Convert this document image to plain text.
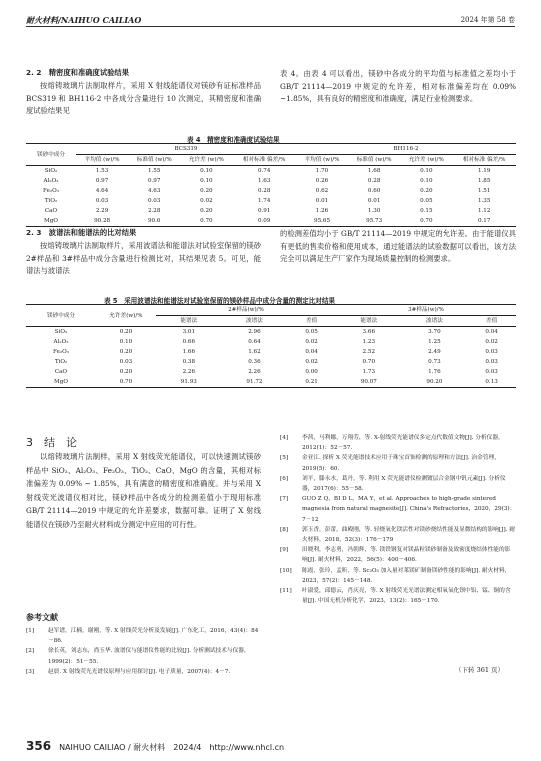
耐火材料/NAIHUO CAILIAO	2024 年第 58 卷
2. 2　精密度和准确度试验结果
按熔铸玻璃片法制取样片，采用 X 射线能谱仪对镁砂有证标准样品 BCS319 和 BH116-2 中各成分含量进行 10 次测定，其精密度和准确度试验结果见
表 4。由表 4 可以看出，镁砂中各成分的平均值与标准值之差均小于 GB/T 21114—2019 中规定的允许差，相对标准偏差均在 0.09% ~1.85%，具有良好的精密度和准确度，满足行业检测要求。
表 4　精密度和准确度试验结果
镁砂中成分	BCS319				BH116-2			
	平均值 (w)/%	标准值 (w)/%	允许差 (w)/%	相对标准 偏差/%	平均值 (w)/%	标准值 (w)/%	允许差 (w)/%	相对标准 偏差/%
SiO₂	1.53	1.55	0.10	0.74	1.70	1.68	0.10	1.19
Al₂O₃	0.97	0.97	0.10	1.63	0.26	0.28	0.10	1.85
Fe₂O₃	4.64	4.63	0.20	0.28	0.62	0.60	0.20	1.51
TiO₂	0.03	0.03	0.02	1.74	0.01	0.01	0.05	1.35
CaO	2.29	2.28	0.20	0.91	1.26	1.30	0.15	1.12
MgO	90.28	90.6	0.70	0.09	95.65	95.73	0.70	0.17
2. 3　波谱法和能谱法的比对结果
按熔铸玻璃片法制取样片，采用波谱法和能谱法对试验室保留的镁砂 2#样品和 3#样品中成分含量进行检测比对，其结果见表 5。可见，能谱法与波谱法
的检测差值均小于 GB/T 21114—2019 中规定的允许差。由于能谱仪具有更低的售卖价格和使用成本，通过能谱法的试验数据可以看出，该方法完全可以满足生产厂家作为现场质量控制的检测要求。
表 5　采用波谱法和能谱法对试验室保留的镁砂样品中成分含量的测定比对结果
镁砂中成分	允许差(w)/%	2#样品(w)/%			3#样品(w)/%		
		能谱法	波谱法	差值	能谱法	波谱法	差值
SiO₂	0.20	3.01	2.96	0.05	3.66	3.70	0.04
Al₂O₃	0.10	0.66	0.64	0.02	1.23	1.25	0.02
Fe₂O₃	0.20	1.66	1.62	0.04	2.52	2.49	0.03
TiO₂	0.03	0.38	0.36	0.02	0.70	0.73	0.03
CaO	0.20	2.26	2.26	0.00	1.73	1.76	0.03
MgO	0.70	91.93	91.72	0.21	90.07	90.20	0.13
3　结　论
以熔铸玻璃片法制样，采用 X 射线荧光能谱仪，可以快速测试镁砂样品中 SiO₂、Al₂O₃、Fe₂O₃、TiO₂、CaO、MgO 的含量，其相对标准偏差为 0.09% ~ 1.85%，具有满意的精密度和准确度。并与采用 X 射线荧光波谱仪相对比，镁砂样品中各成分的检测差值小于现用标准 GB/T 21114—2019 中规定的允许差要求，数据可靠。证明了 X 射线能谱仪在镁砂乃至耐火材料成分测定中应用的可行性。
参考文献
[1] 赵军谱，江楠，谢刚，等. X 射线荧光分析及发展[J]. 广东化工，2016，43(4)：84－86.
[2] 徐长英，刘志东，尚玉华. 波谱仪与能谱仪性能的比较[J]. 分析测试技术与仪器，1999(2)：51－55.
[3] 赵晨. X 射线荧光光谱仪原理与应用探讨[J]. 电子质量，2007(4)：4－7.
[4] 李茜，马利娜，万翔劳，等. X-射线荧光能谱仪多定点代数值文物[J]. 分析仪器，2012(1)：52－57.
[5] 金亚江. 探析 X 荧光能谱技术应用于珠宝首饰检测的原理和方法[J]. 冶金管理，2019(5)：60.
[6] 刘平，滕永水，葛丹，等. 利用 X 荧光能谱仪检测镀层合金钢中钒元素[J]. 分析仪器，2017(6)：55－58.
[7] GUO Z Q，BI D L，MA Y，et al. Approaches to high-grade sintered magnesia from natural magnesite[J]. China's Refractories，2020，29(3)：7－12
[8] 郭玉香，彭蕾，曲殿刚，等. 轻烧氧化镁活性对镁砂烧结性能及显微结构的影响[J]. 耐火材料，2018，52(3)：176－179
[9] 田晓利，李志勇，冯朝辉，等. 镁铁钢复对镁晶粒镁砂制备及致密度烧结体性能的影响[J]. 耐火材料，2022，56(5)：400－406.
[10] 陈霞，张玲，孟昕，等. Sc₂O₃ 加入量对莱镁矿制备镁砂性能的影响[J]. 耐火材料，2023，57(2)：145－148.
[11] 叶淑爱，邱德云，肖庆亮，等. X 射线荧光光谱法测定相氧氧化钡中铝、锰、铜的含量[J]. 中国无机分析化学，2023，13(2)：165－170.
（下转 361 页）
356 NAIHUO CAILIAO / 耐火材料　2024/4　http://www.nhcl.cn
